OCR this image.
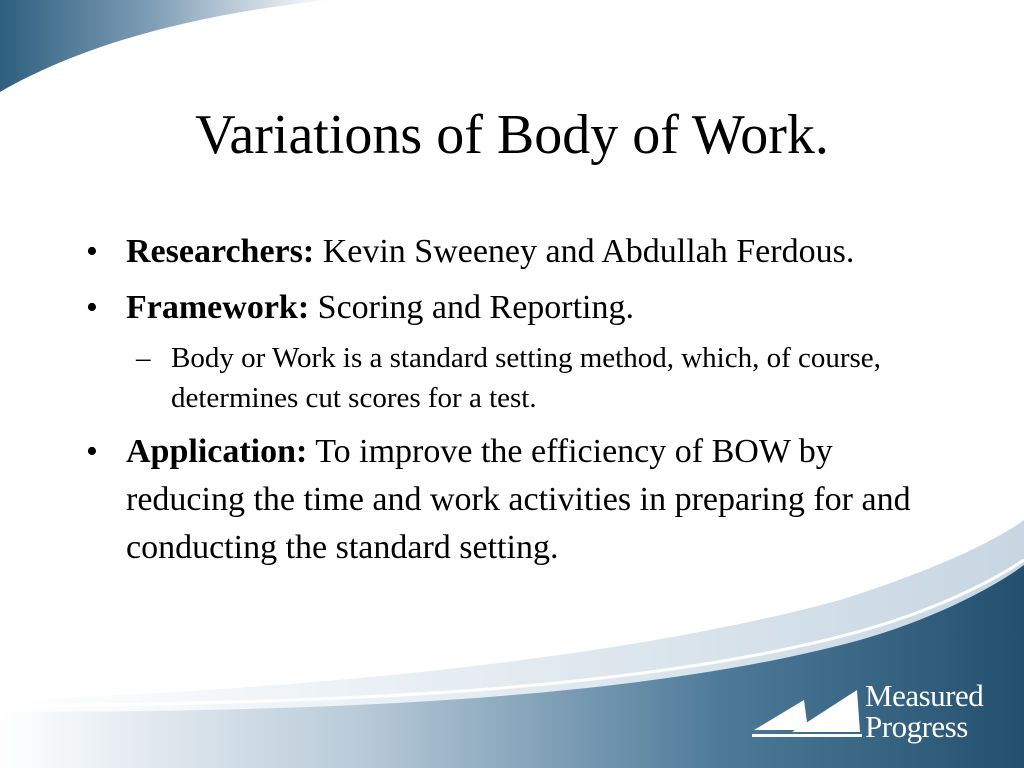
Variations of Body of Work.
• Researchers: Kevin Sweeney and Abdullah Ferdous.
• Framework: Scoring and Reporting.
– Body or Work is a standard setting method, which, of course, determines cut scores for a test.
• Application: To improve the efficiency of BOW by reducing the time and work activities in preparing for and conducting the standard setting.
Measured
Progress
